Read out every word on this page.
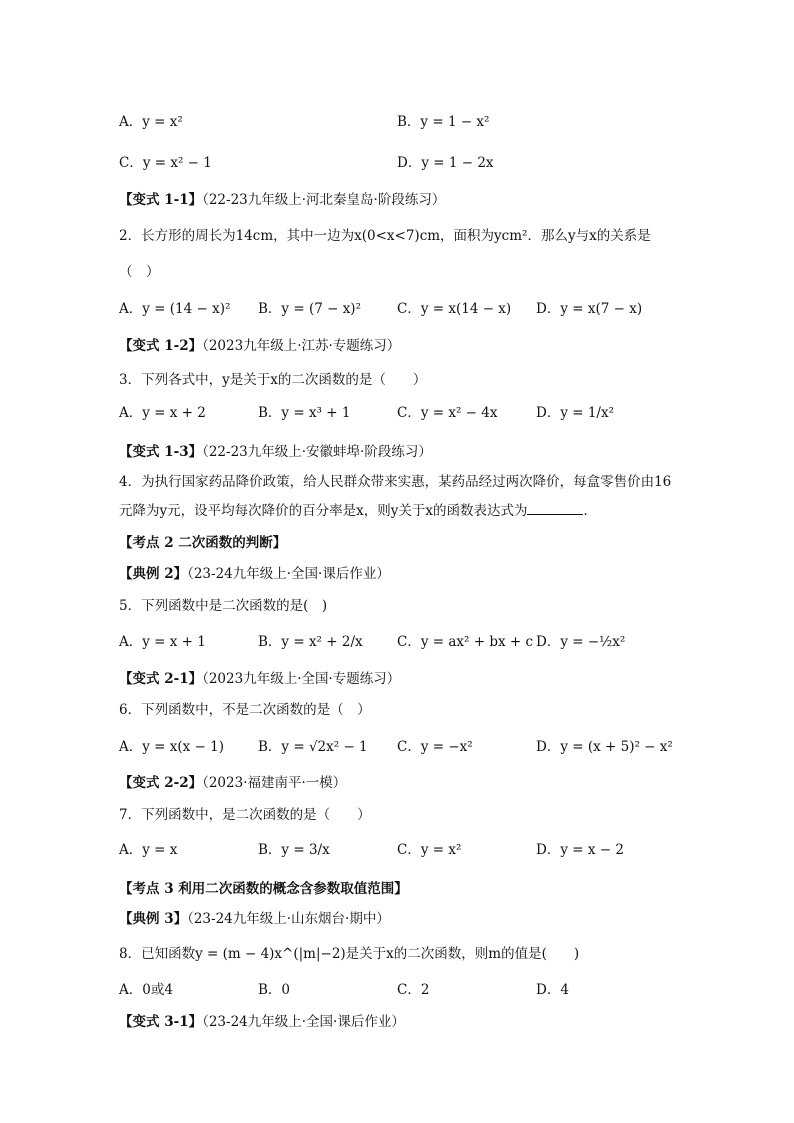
A．y = x²	B．y = 1 − x²
C．y = x² − 1	D．y = 1 − 2x
【变式 1-1】（22-23九年级上·河北秦皇岛·阶段练习）
2．长方形的周长为14cm，其中一边为x(0<x<7)cm，面积为ycm²．那么y与x的关系是
（　）
A．y = (14 − x)² B．y = (7 − x)²	C．y = x(14 − x) D．y = x(7 − x)
【变式 1-2】（2023九年级上·江苏·专题练习）
3．下列各式中，y是关于x的二次函数的是（　　）
A．y = x + 2	B．y = x³ + 1	C．y = x² − 4x	D．y = 1/x²
【变式 1-3】（22-23九年级上·安徽蚌埠·阶段练习）
4．为执行国家药品降价政策，给人民群众带来实惠，某药品经过两次降价，每盒零售价由16
元降为y元，设平均每次降价的百分率是x，则y关于x的函数表达式为	．
【考点 2 二次函数的判断】
【典例 2】（23-24九年级上·全国·课后作业）
5．下列函数中是二次函数的是(　)
A．y = x + 1	B．y = x² + 2/x	C．y = ax² + bx + c D．y = −½x²
【变式 2-1】（2023九年级上·全国·专题练习）
6．下列函数中，不是二次函数的是（　）
A．y = x(x − 1)	B．y = √2x² − 1 C．y = −x²	D．y = (x + 5)² − x²
【变式 2-2】（2023·福建南平·一模）
7．下列函数中，是二次函数的是（　　）
A．y = x	B．y = 3/x	C．y = x²	D．y = x − 2
【考点 3 利用二次函数的概念含参数取值范围】
【典例 3】（23-24九年级上·山东烟台·期中）
8．已知函数y = (m − 4)x^(|m|−2)是关于x的二次函数，则m的值是(　　)
A．0或4	B．0	C．2	D．4
【变式 3-1】（23-24九年级上·全国·课后作业）
